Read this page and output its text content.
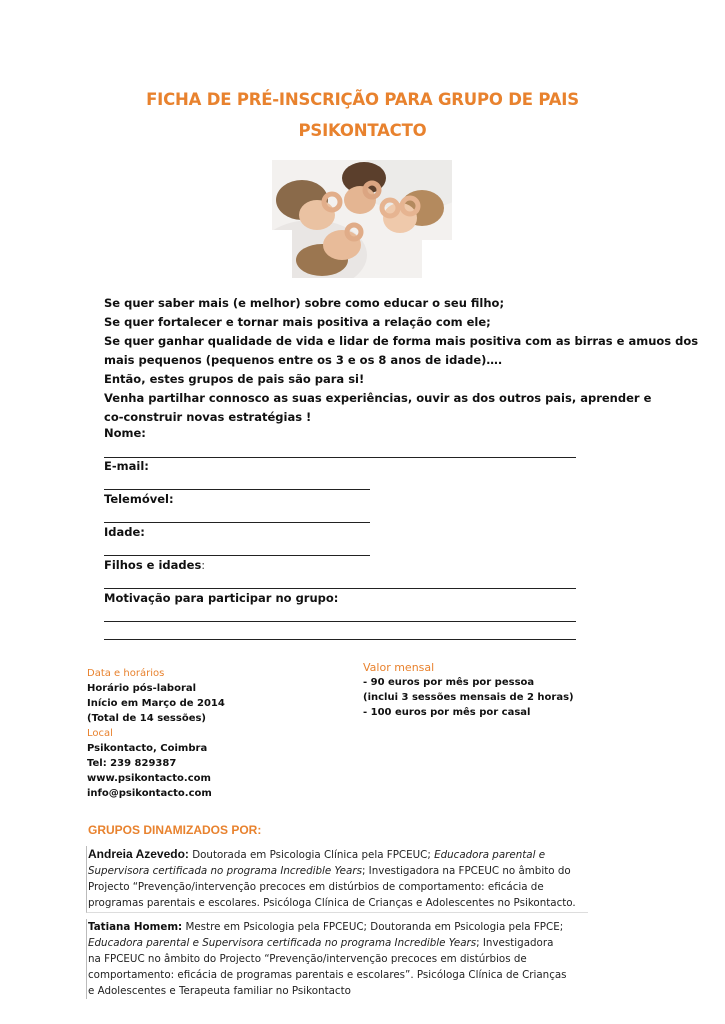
FICHA DE PRÉ-INSCRIÇÃO PARA GRUPO DE PAIS
PSIKONTACTO
Se quer saber mais (e melhor) sobre como educar o seu filho;
Se quer fortalecer e tornar mais positiva a relação com ele;
Se quer ganhar qualidade de vida e lidar de forma mais positiva com as birras e amuos dos
mais pequenos (pequenos entre os 3 e os 8 anos de idade)….
Então, estes grupos de pais são para si!
Venha partilhar connosco as suas experiências, ouvir as dos outros pais, aprender e
co-construir novas estratégias !
Nome:
E-mail:
Telemóvel:
Idade:
Filhos e idades:
Motivação para participar no grupo:
Data e horários
Horário pós-laboral
Início em Março de 2014
(Total de 14 sessões)
Local
Psikontacto, Coimbra
Tel: 239 829387
www.psikontacto.com
info@psikontacto.com
Valor mensal
- 90 euros por mês por pessoa
(inclui 3 sessões mensais de 2 horas)
- 100 euros por mês por casal
GRUPOS DINAMIZADOS POR:
Andreia Azevedo: Doutorada em Psicologia Clínica pela FPCEUC; Educadora parental e Supervisora certificada no programa Incredible Years; Investigadora na FPCEUC no âmbito do Projecto “Prevenção/intervenção precoces em distúrbios de comportamento: eficácia de programas parentais e escolares. Psicóloga Clínica de Crianças e Adolescentes no Psikontacto.
Tatiana Homem: Mestre em Psicologia pela FPCEUC; Doutoranda em Psicologia pela FPCE; Educadora parental e Supervisora certificada no programa Incredible Years; Investigadora na FPCEUC no âmbito do Projecto “Prevenção/intervenção precoces em distúrbios de comportamento: eficácia de programas parentais e escolares”. Psicóloga Clínica de Crianças e Adolescentes e Terapeuta familiar no Psikontacto
